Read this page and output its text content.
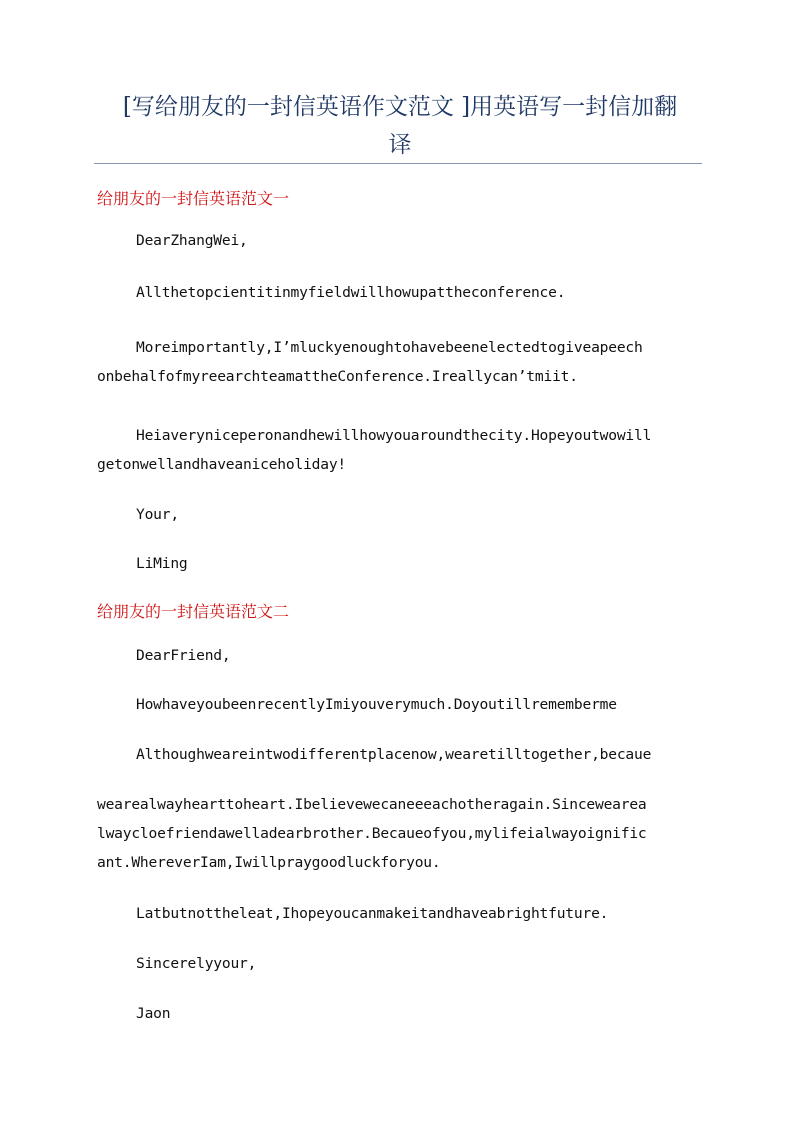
[写给朋友的一封信英语作文范文 ]用英语写一封信加翻
译
给朋友的一封信英语范文一

DearZhangWei,

Allthetopcientitinmyfieldwillhowupattheconference.

Moreimportantly,I’mluckyenoughtohavebeenelectedtogiveapeech
onbehalfofmyreearchteamattheConference.Ireallycan’tmiit.
Heiaveryniceperonandhewillhowyouaroundthecity.Hopeyoutwowill
getonwellandhaveaniceholiday!

Your,

LiMing

给朋友的一封信英语范文二

DearFriend,

HowhaveyoubeenrecentlyImiyouverymuch.Doyoutillrememberme

Althoughweareintwodifferentplacenow,wearetilltogether,becaue

wearealwayhearttoheart.Ibelievewecaneeeachotheragain.Sincewearea
lwaycloefriendawelladearbrother.Becaueofyou,mylifeialwayoignific
ant.WhereverIam,Iwillpraygoodluckforyou.

Latbutnottheleat,Ihopeyoucanmakeitandhaveabrightfuture.

Sincerelyyour,

Jaon
